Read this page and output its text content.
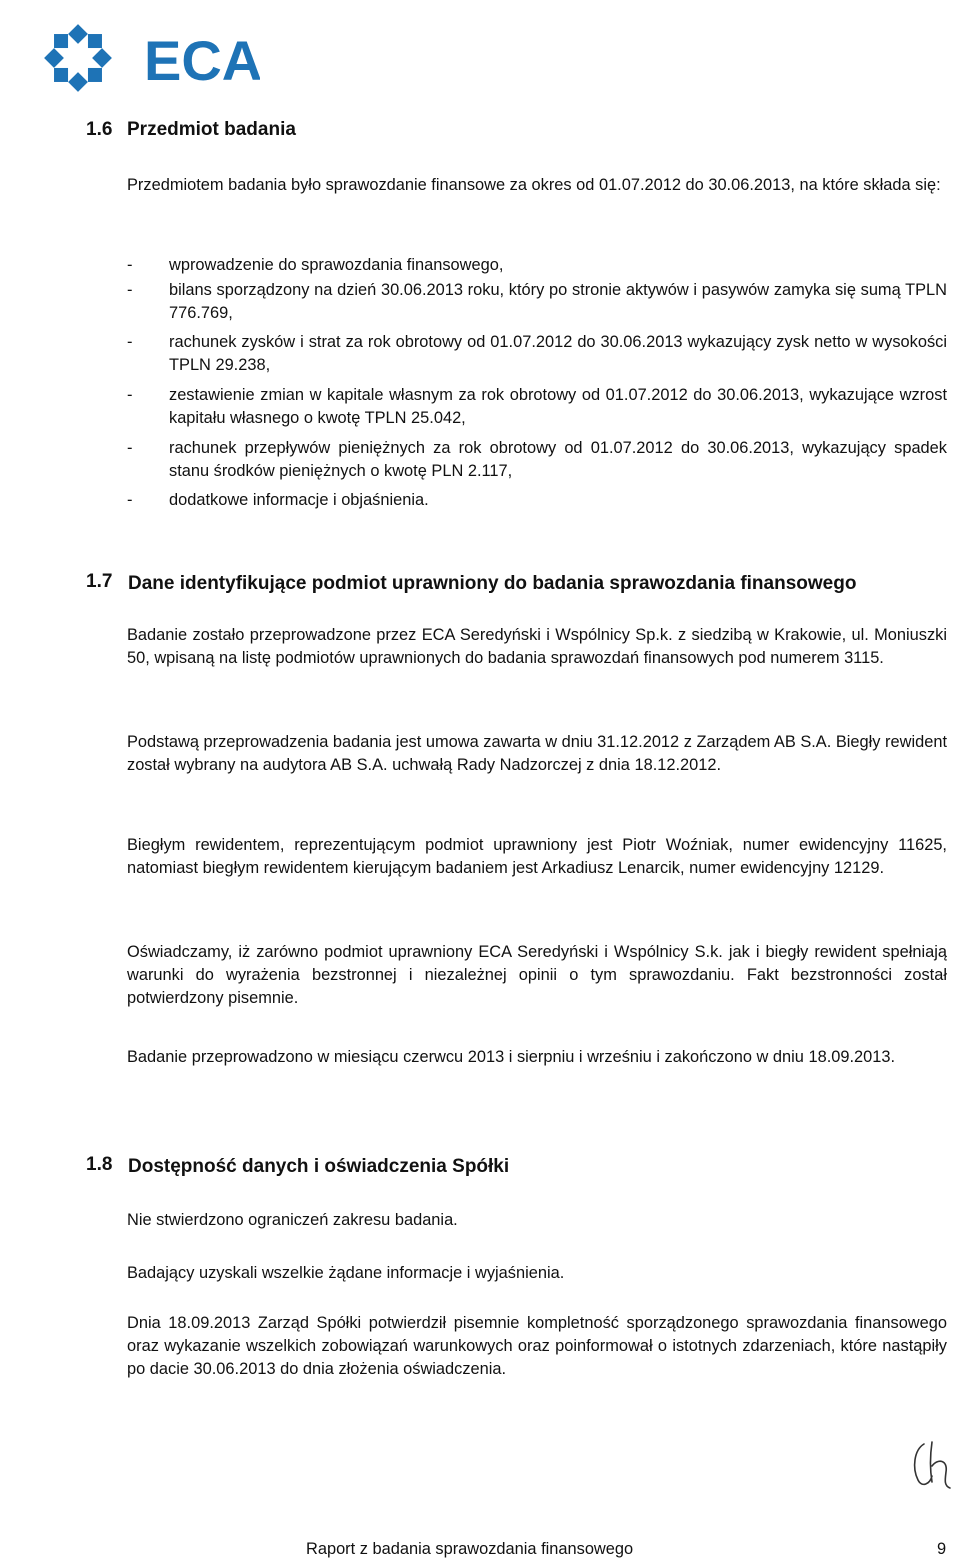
ECA
1.6 Przedmiot badania
Przedmiotem badania było sprawozdanie finansowe za okres od 01.07.2012 do 30.06.2013, na które składa się:
- wprowadzenie do sprawozdania finansowego,
- bilans sporządzony na dzień 30.06.2013 roku, który po stronie aktywów i pasywów zamyka się sumą TPLN 776.769,
- rachunek zysków i strat za rok obrotowy od 01.07.2012 do 30.06.2013 wykazujący zysk netto w wysokości TPLN 29.238,
- zestawienie zmian w kapitale własnym za rok obrotowy od 01.07.2012 do 30.06.2013, wykazujące wzrost kapitału własnego o kwotę TPLN 25.042,
- rachunek przepływów pieniężnych za rok obrotowy od 01.07.2012 do 30.06.2013, wykazujący spadek stanu środków pieniężnych o kwotę PLN 2.117,
- dodatkowe informacje i objaśnienia.
1.7 Dane identyfikujące podmiot uprawniony do badania sprawozdania finansowego
Badanie zostało przeprowadzone przez ECA Seredyński i Wspólnicy Sp.k. z siedzibą w Krakowie, ul. Moniuszki 50, wpisaną na listę podmiotów uprawnionych do badania sprawozdań finansowych pod numerem 3115.
Podstawą przeprowadzenia badania jest umowa zawarta w dniu 31.12.2012 z Zarządem AB S.A. Biegły rewident został wybrany na audytora AB S.A. uchwałą Rady Nadzorczej z dnia 18.12.2012.
Biegłym rewidentem, reprezentującym podmiot uprawniony jest Piotr Woźniak, numer ewidencyjny 11625, natomiast biegłym rewidentem kierującym badaniem jest Arkadiusz Lenarcik, numer ewidencyjny 12129.
Oświadczamy, iż zarówno podmiot uprawniony ECA Seredyński i Wspólnicy S.k. jak i biegły rewident spełniają warunki do wyrażenia bezstronnej i niezależnej opinii o tym sprawozdaniu. Fakt bezstronności został potwierdzony pisemnie.
Badanie przeprowadzono w miesiącu czerwcu 2013 i sierpniu i wrześniu i zakończono w dniu 18.09.2013.
1.8 Dostępność danych i oświadczenia Spółki
Nie stwierdzono ograniczeń zakresu badania.
Badający uzyskali wszelkie żądane informacje i wyjaśnienia.
Dnia 18.09.2013 Zarząd Spółki potwierdził pisemnie kompletność sporządzonego sprawozdania finansowego oraz wykazanie wszelkich zobowiązań warunkowych oraz poinformował o istotnych zdarzeniach, które nastąpiły po dacie 30.06.2013 do dnia złożenia oświadczenia.
Raport z badania sprawozdania finansowego	9
